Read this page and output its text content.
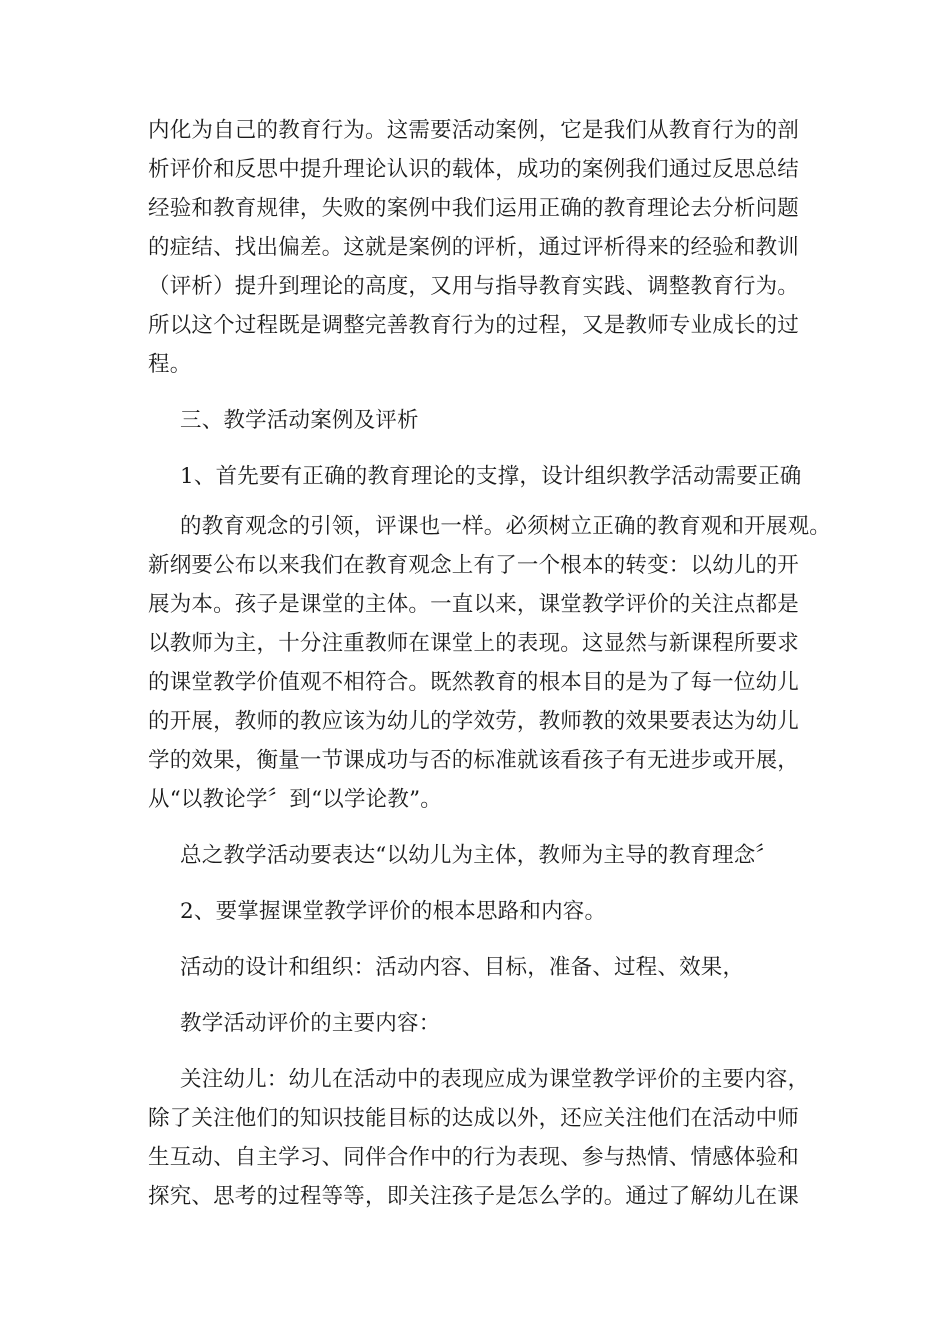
内化为自己的教育行为。这需要活动案例，它是我们从教育行为的剖
析评价和反思中提升理论认识的载体，成功的案例我们通过反思总结
经验和教育规律，失败的案例中我们运用正确的教育理论去分析问题
的症结、找出偏差。这就是案例的评析，通过评析得来的经验和教训
（评析）提升到理论的高度，又用与指导教育实践、调整教育行为。
所以这个过程既是调整完善教育行为的过程，又是教师专业成长的过
程。
三、教学活动案例及评析
1、首先要有正确的教育理论的支撑，设计组织教学活动需要正确
的教育观念的引领，评课也一样。必须树立正确的教育观和开展观。
新纲要公布以来我们在教育观念上有了一个根本的转变：以幼儿的开
展为本。孩子是课堂的主体。一直以来，课堂教学评价的关注点都是
以教师为主，十分注重教师在课堂上的表现。这显然与新课程所要求
的课堂教学价值观不相符合。既然教育的根本目的是为了每一位幼儿
的开展，教师的教应该为幼儿的学效劳，教师教的效果要表达为幼儿
学的效果，衡量一节课成功与否的标准就该看孩子有无进步或开展，
从“以教论学〞到“以学论教”。
总之教学活动要表达“以幼儿为主体，教师为主导的教育理念〞
2、要掌握课堂教学评价的根本思路和内容。
活动的设计和组织：活动内容、目标，准备、过程、效果，
教学活动评价的主要内容：
关注幼儿：幼儿在活动中的表现应成为课堂教学评价的主要内容，
除了关注他们的知识技能目标的达成以外，还应关注他们在活动中师
生互动、自主学习、同伴合作中的行为表现、参与热情、情感体验和
探究、思考的过程等等，即关注孩子是怎么学的。通过了解幼儿在课
